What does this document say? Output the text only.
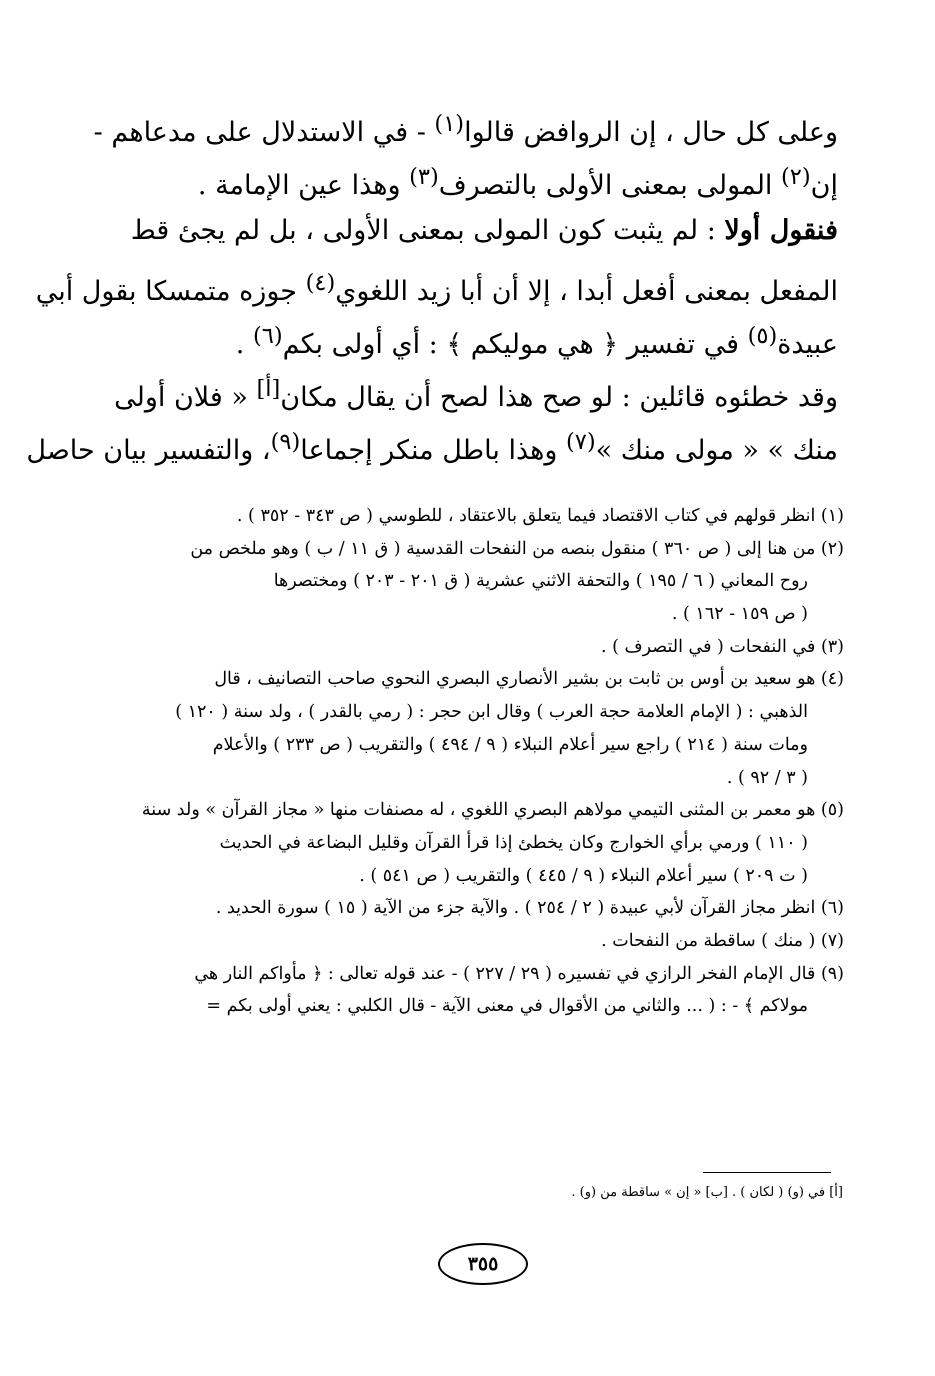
وعلى كل حال ، إن الروافض قالوا$^{(١)}$ - في الاستدلال على مدعاهم -
إن$^{(٢)}$ المولى بمعنى الأولى بالتصرف$^{(٣)}$ وهذا عين الإمامة .
فنقول أولا : لم يثبت كون المولى بمعنى الأولى ، بل لم يجئ قط
المفعل بمعنى أفعل أبدا ، إلا أن أبا زيد اللغوي$^{(٤)}$ جوزه متمسكا بقول أبي
عبيدة$^{(٥)}$ في تفسير ﴿ هي موليكم ﴾ : أي أولى بكم$^{(٦)}$ .
وقد خطئوه قائلين : لو صح هذا لصح أن يقال مكان[أ] « فلان أولى
منك » « مولى منك »$^{(٧)}$ وهذا باطل منكر إجماعا$^{(٩)}$، والتفسير بيان حاصل
(١) انظر قولهم في كتاب الاقتصاد فيما يتعلق بالاعتقاد ، للطوسي ( ص ٣٤٣ - ٣٥٢ ) .
(٢) من هنا إلى ( ص ٣٦٠ ) منقول بنصه من النفحات القدسية ( ق ١١ / ب ) وهو ملخص من
روح المعاني ( ٦ / ١٩٥ ) والتحفة الاثني عشرية ( ق ٢٠١ - ٢٠٣ ) ومختصرها
( ص ١٥٩ - ١٦٢ ) .
(٣) في النفحات ( في التصرف ) .
(٤) هو سعيد بن أوس بن ثابت بن بشير الأنصاري البصري النحوي صاحب التصانيف ، قال
الذهبي : ( الإمام العلامة حجة العرب ) وقال ابن حجر : ( رمي بالقدر ) ، ولد سنة ( ١٢٠ )
ومات سنة ( ٢١٤ ) راجع سير أعلام النبلاء ( ٩ / ٤٩٤ ) والتقريب ( ص ٢٣٣ ) والأعلام
( ٣ / ٩٢ ) .
(٥) هو معمر بن المثنى التيمي مولاهم البصري اللغوي ، له مصنفات منها « مجاز القرآن » ولد سنة
( ١١٠ ) ورمي برأي الخوارج وكان يخطئ إذا قرأ القرآن وقليل البضاعة في الحديث
( ت ٢٠٩ ) سير أعلام النبلاء ( ٩ / ٤٤٥ ) والتقريب ( ص ٥٤١ ) .
(٦) انظر مجاز القرآن لأبي عبيدة ( ٢ / ٢٥٤ ) . والآية جزء من الآية ( ١٥ ) سورة الحديد .
(٧) ( منك ) ساقطة من النفحات .
(٩) قال الإمام الفخر الرازي في تفسيره ( ٢٩ / ٢٢٧ ) - عند قوله تعالى : ﴿ مأواكم النار هي
مولاكم ﴾ - : ( ... والثاني من الأقوال في معنى الآية - قال الكلبي : يعني أولى بكم =
[أ] في (و) ( لكان ) . [ب] « إن » ساقطة من (و) .
٣٥٥
